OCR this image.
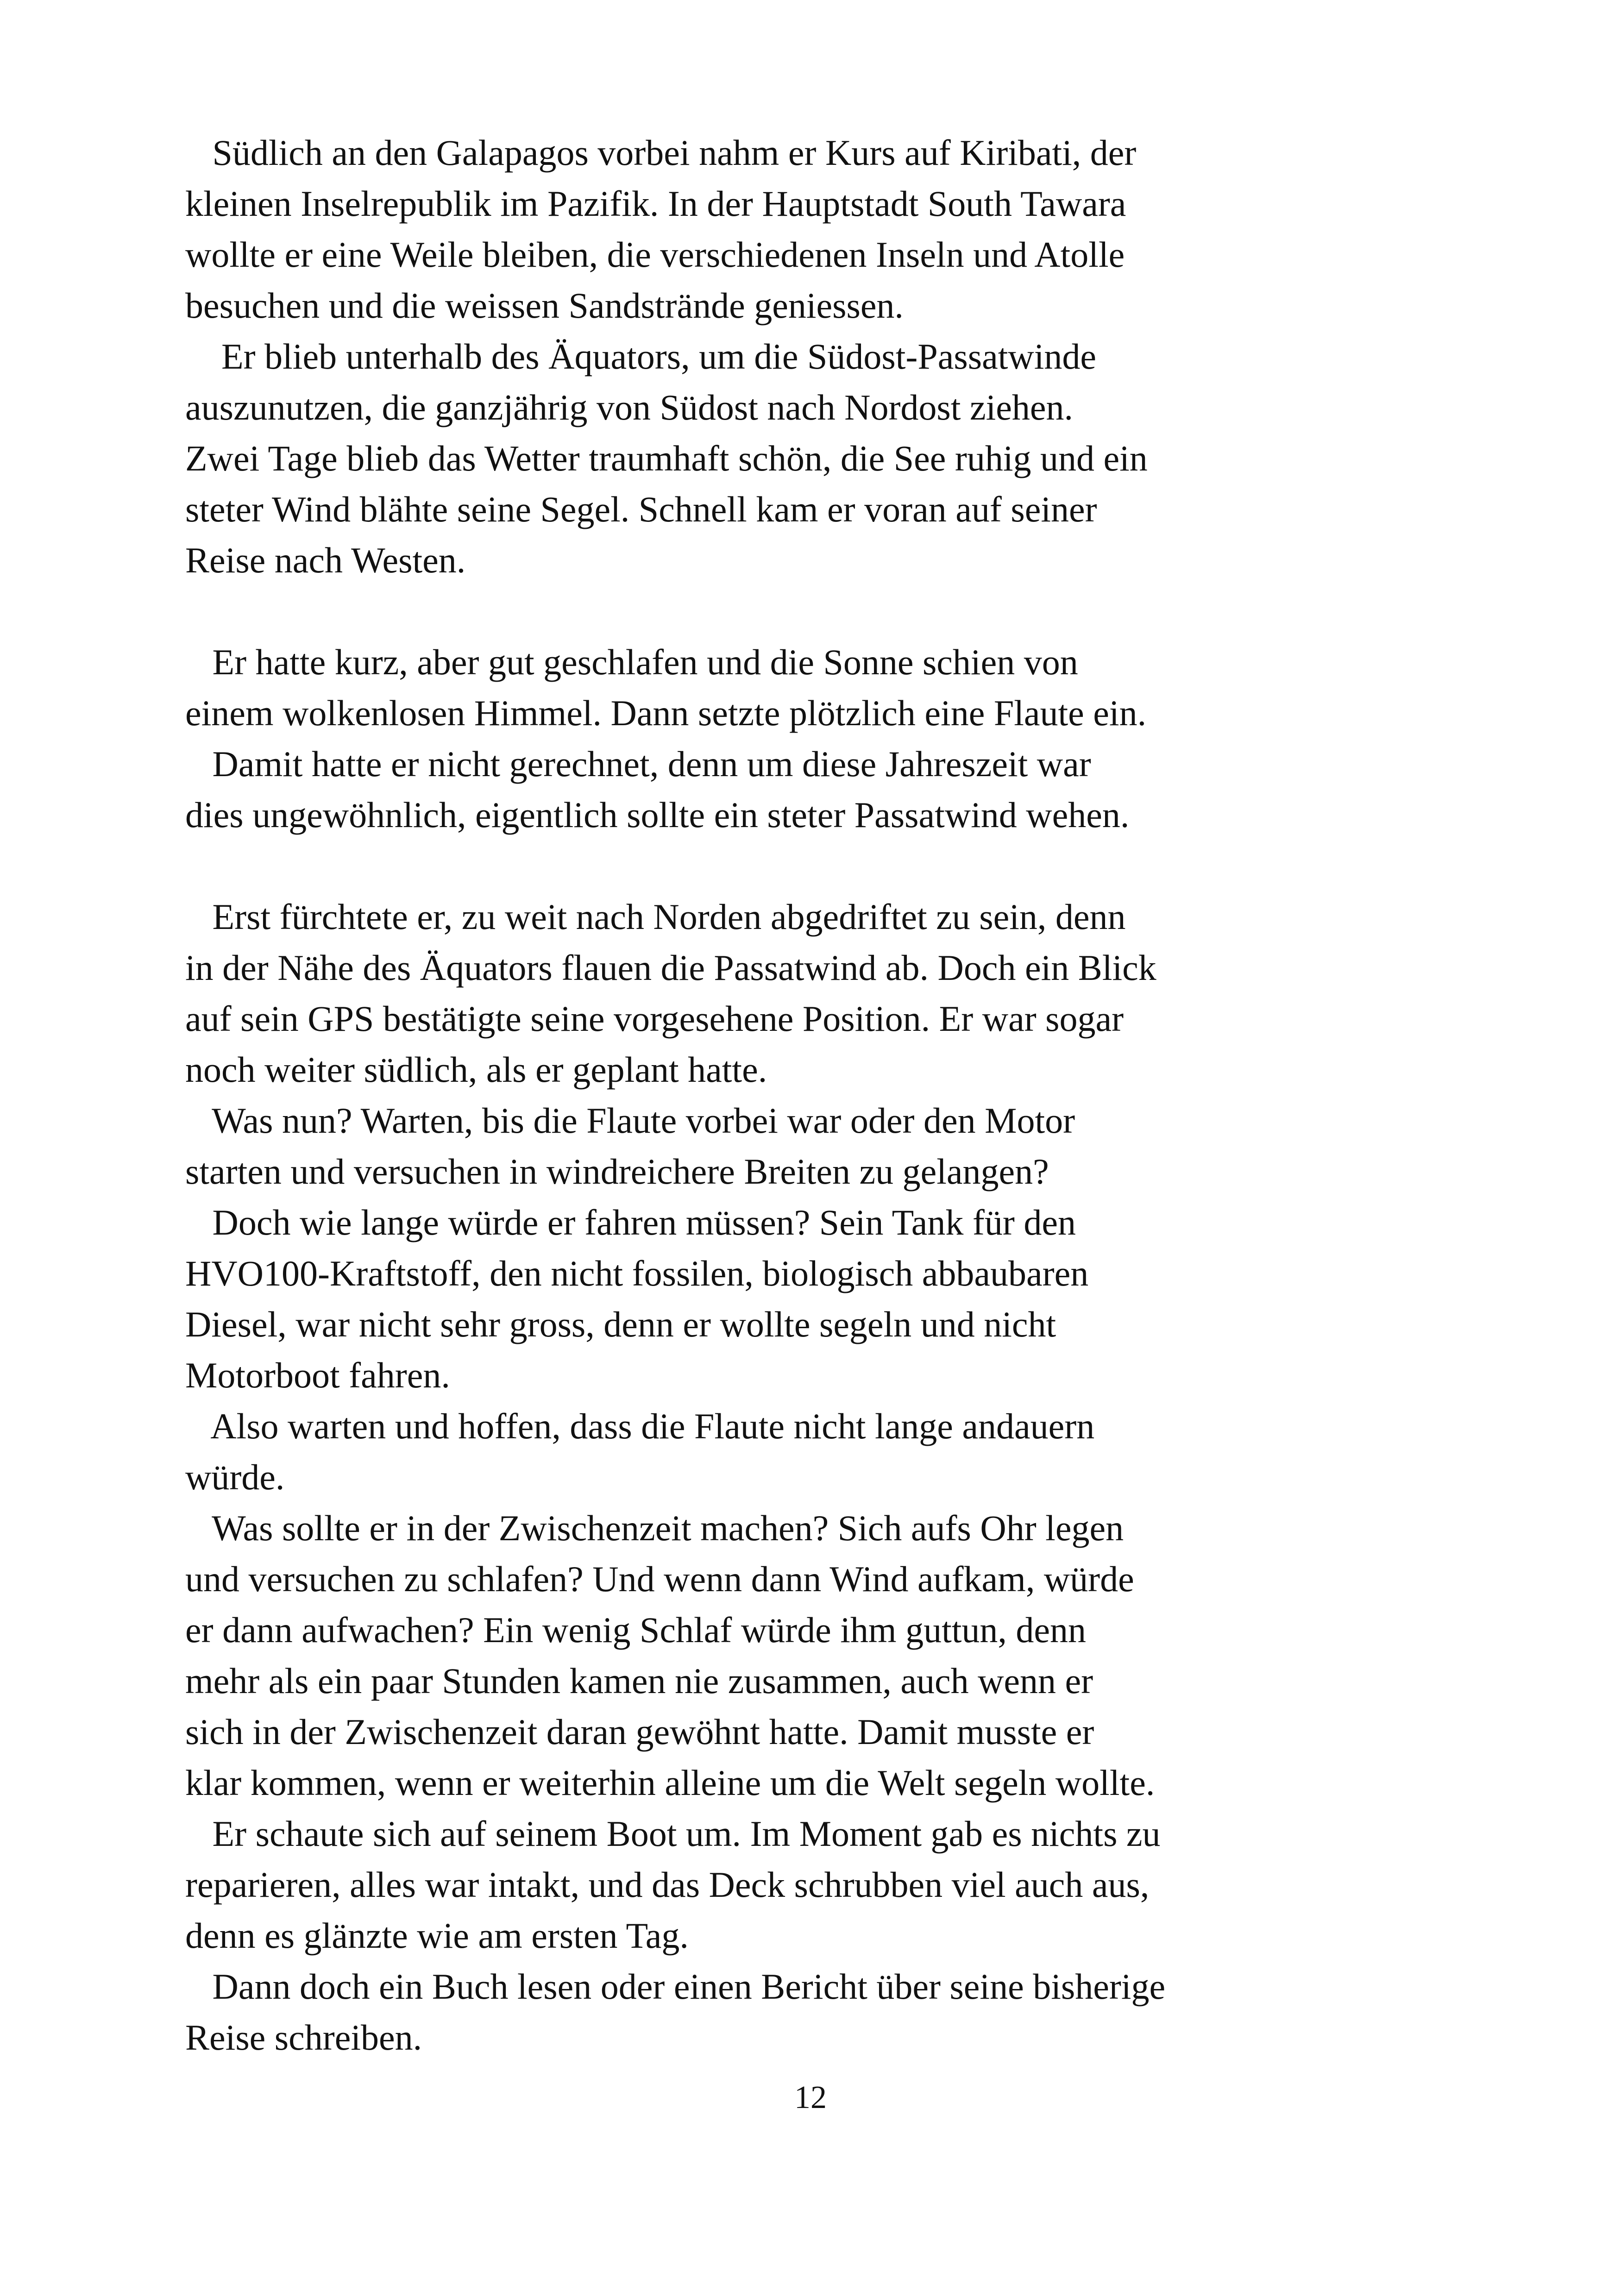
Südlich an den Galapagos vorbei nahm er Kurs auf Kiribati, der
kleinen Inselrepublik im Pazifik. In der Hauptstadt South Tawara
wollte er eine Weile bleiben, die verschiedenen Inseln und Atolle
besuchen und die weissen Sandstrände geniessen.
Er blieb unterhalb des Äquators, um die Südost-Passatwinde
auszunutzen, die ganzjährig von Südost nach Nordost ziehen.
Zwei Tage blieb das Wetter traumhaft schön, die See ruhig und ein
steter Wind blähte seine Segel. Schnell kam er voran auf seiner
Reise nach Westen.
Er hatte kurz, aber gut geschlafen und die Sonne schien von
einem wolkenlosen Himmel. Dann setzte plötzlich eine Flaute ein.
Damit hatte er nicht gerechnet, denn um diese Jahreszeit war
dies ungewöhnlich, eigentlich sollte ein steter Passatwind wehen.
Erst fürchtete er, zu weit nach Norden abgedriftet zu sein, denn
in der Nähe des Äquators flauen die Passatwind ab. Doch ein Blick
auf sein GPS bestätigte seine vorgesehene Position. Er war sogar
noch weiter südlich, als er geplant hatte.
Was nun? Warten, bis die Flaute vorbei war oder den Motor
starten und versuchen in windreichere Breiten zu gelangen?
Doch wie lange würde er fahren müssen? Sein Tank für den
HVO100-Kraftstoff, den nicht fossilen, biologisch abbaubaren
Diesel, war nicht sehr gross, denn er wollte segeln und nicht
Motorboot fahren.
Also warten und hoffen, dass die Flaute nicht lange andauern
würde.
Was sollte er in der Zwischenzeit machen? Sich aufs Ohr legen
und versuchen zu schlafen? Und wenn dann Wind aufkam, würde
er dann aufwachen? Ein wenig Schlaf würde ihm guttun, denn
mehr als ein paar Stunden kamen nie zusammen, auch wenn er
sich in der Zwischenzeit daran gewöhnt hatte. Damit musste er
klar kommen, wenn er weiterhin alleine um die Welt segeln wollte.
Er schaute sich auf seinem Boot um. Im Moment gab es nichts zu
reparieren, alles war intakt, und das Deck schrubben viel auch aus,
denn es glänzte wie am ersten Tag.
Dann doch ein Buch lesen oder einen Bericht über seine bisherige
Reise schreiben.
12
